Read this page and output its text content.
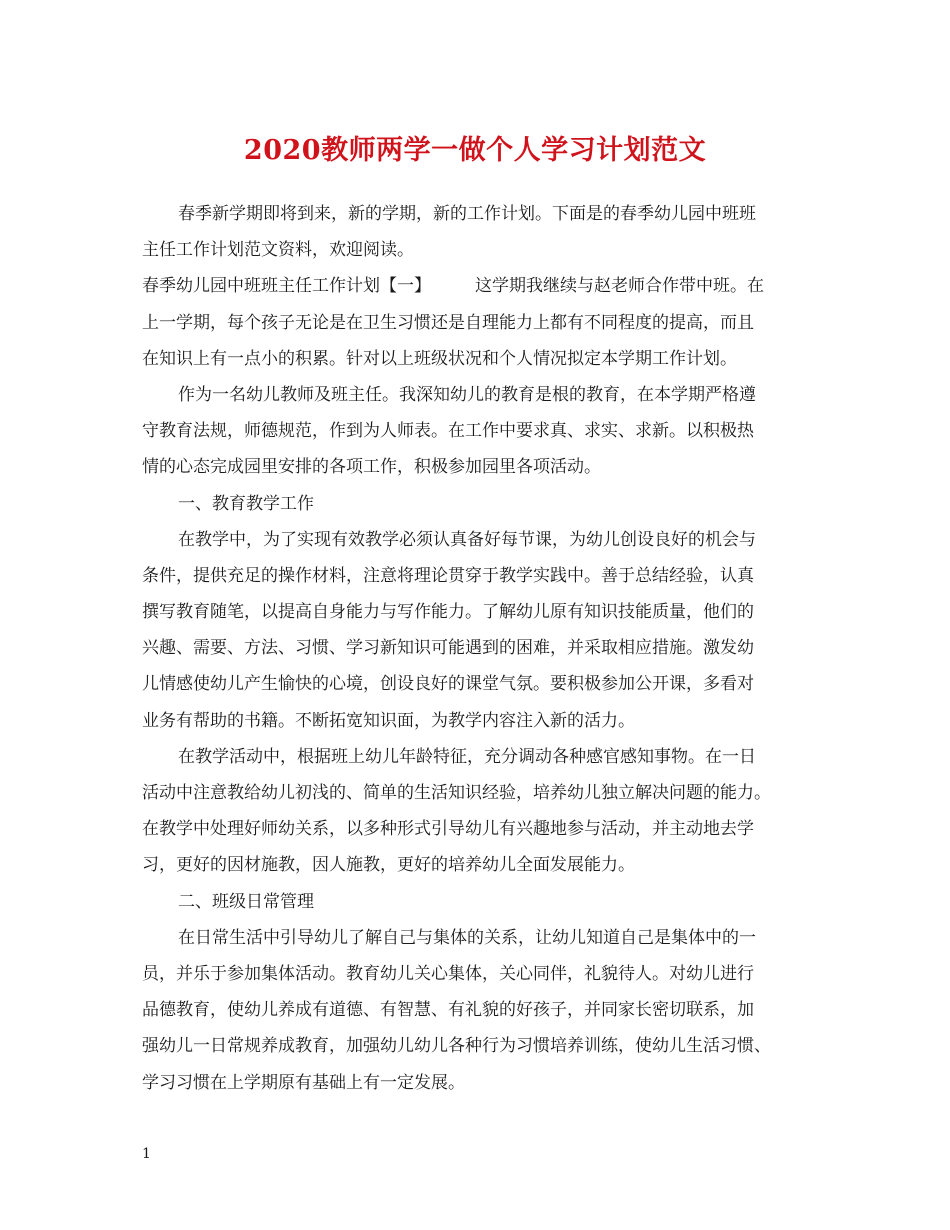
2020教师两学一做个人学习计划范文
春季新学期即将到来，新的学期，新的工作计划。下面是的春季幼儿园中班班
主任工作计划范文资料，欢迎阅读。
春季幼儿园中班班主任工作计划【一】	这学期我继续与赵老师合作带中班。在
上一学期，每个孩子无论是在卫生习惯还是自理能力上都有不同程度的提高，而且
在知识上有一点小的积累。针对以上班级状况和个人情况拟定本学期工作计划。
作为一名幼儿教师及班主任。我深知幼儿的教育是根的教育，在本学期严格遵
守教育法规，师德规范，作到为人师表。在工作中要求真、求实、求新。以积极热
情的心态完成园里安排的各项工作，积极参加园里各项活动。
一、教育教学工作
在教学中，为了实现有效教学必须认真备好每节课，为幼儿创设良好的机会与
条件，提供充足的操作材料，注意将理论贯穿于教学实践中。善于总结经验，认真
撰写教育随笔，以提高自身能力与写作能力。了解幼儿原有知识技能质量，他们的
兴趣、需要、方法、习惯、学习新知识可能遇到的困难，并采取相应措施。激发幼
儿情感使幼儿产生愉快的心境，创设良好的课堂气氛。要积极参加公开课，多看对
业务有帮助的书籍。不断拓宽知识面，为教学内容注入新的活力。
在教学活动中，根据班上幼儿年龄特征，充分调动各种感官感知事物。在一日
活动中注意教给幼儿初浅的、简单的生活知识经验，培养幼儿独立解决问题的能力。
在教学中处理好师幼关系，以多种形式引导幼儿有兴趣地参与活动，并主动地去学
习，更好的因材施教，因人施教，更好的培养幼儿全面发展能力。
二、班级日常管理
在日常生活中引导幼儿了解自己与集体的关系，让幼儿知道自己是集体中的一
员，并乐于参加集体活动。教育幼儿关心集体，关心同伴，礼貌待人。对幼儿进行
品德教育，使幼儿养成有道德、有智慧、有礼貌的好孩子，并同家长密切联系，加
强幼儿一日常规养成教育，加强幼儿幼儿各种行为习惯培养训练，使幼儿生活习惯、
学习习惯在上学期原有基础上有一定发展。
1
